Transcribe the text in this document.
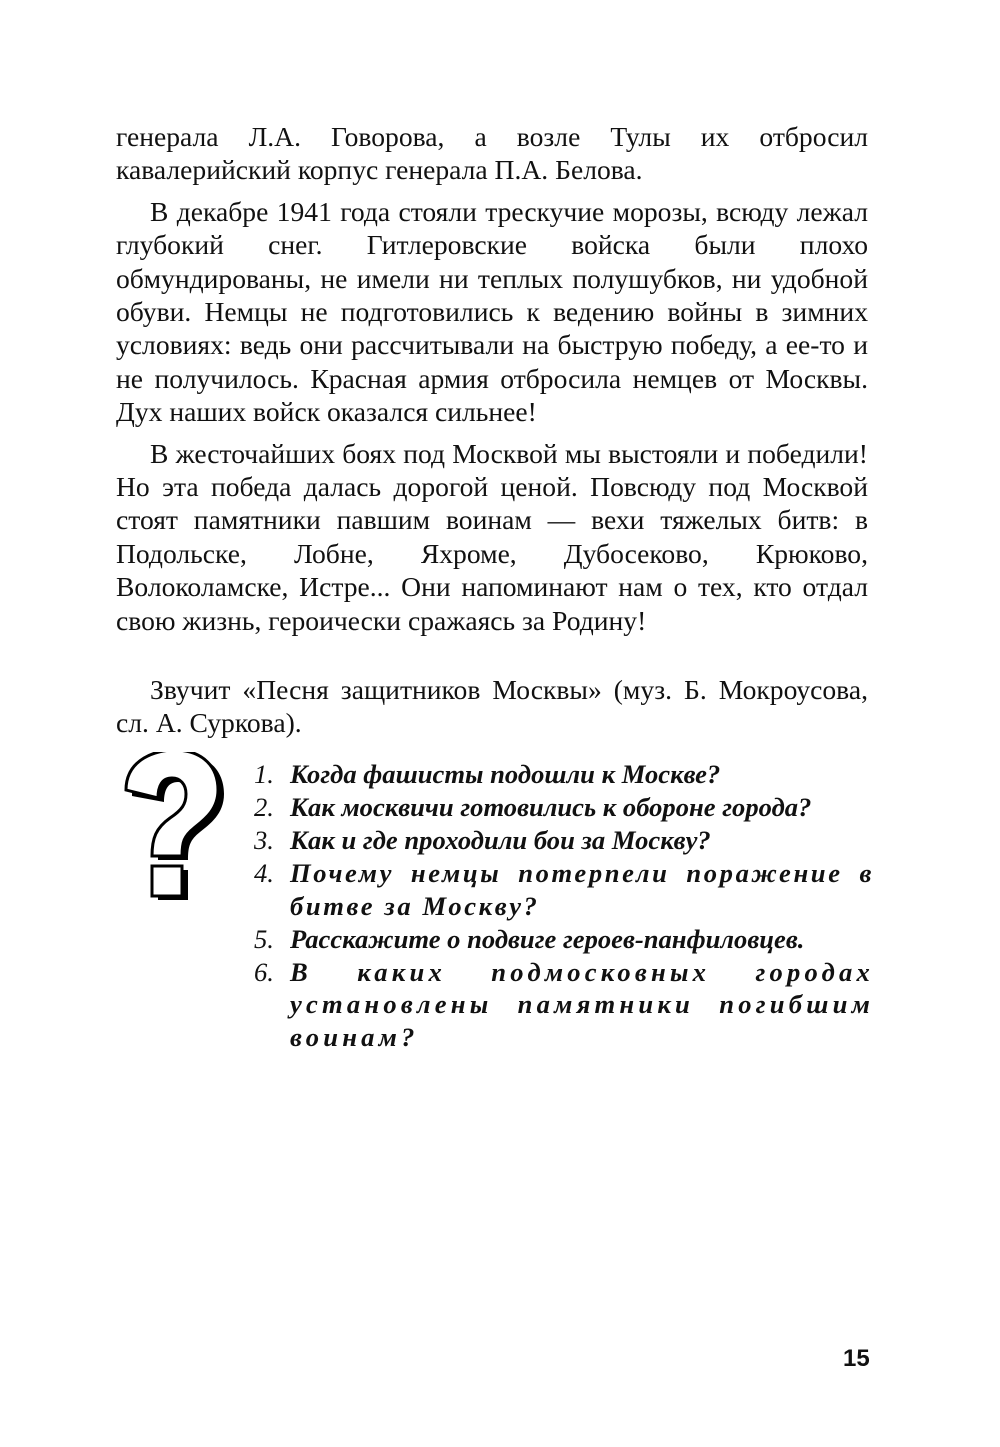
генерала Л.А. Говорова, а возле Тулы их отбросил кавалерийский корпус генерала П.А. Белова.

В декабре 1941 года стояли трескучие морозы, всюду лежал глубокий снег. Гитлеровские войска были плохо обмундированы, не имели ни теплых полушубков, ни удобной обуви. Немцы не подготовились к ведению войны в зимних условиях: ведь они рассчитывали на быструю победу, а ее-то и не получилось. Красная армия отбросила немцев от Москвы. Дух наших войск оказался сильнее!

В жесточайших боях под Москвой мы выстояли и победили! Но эта победа далась дорогой ценой. Повсюду под Москвой стоят памятники павшим воинам — вехи тяжелых битв: в Подольске, Лобне, Яхроме, Дубосеково, Крюково, Волоколамске, Истре... Они напоминают нам о тех, кто отдал свою жизнь, героически сражаясь за Родину!

Звучит «Песня защитников Москвы» (муз. Б. Мокроусова, сл. А. Суркова).

1. Когда фашисты подошли к Москве?
2. Как москвичи готовились к обороне города?
3. Как и где проходили бои за Москву?
4. Почему немцы потерпели поражение в битве за Москву?
5. Расскажите о подвиге героев-панфиловцев.
6. В каких подмосковных городах установлены памятники погибшим воинам?
15
